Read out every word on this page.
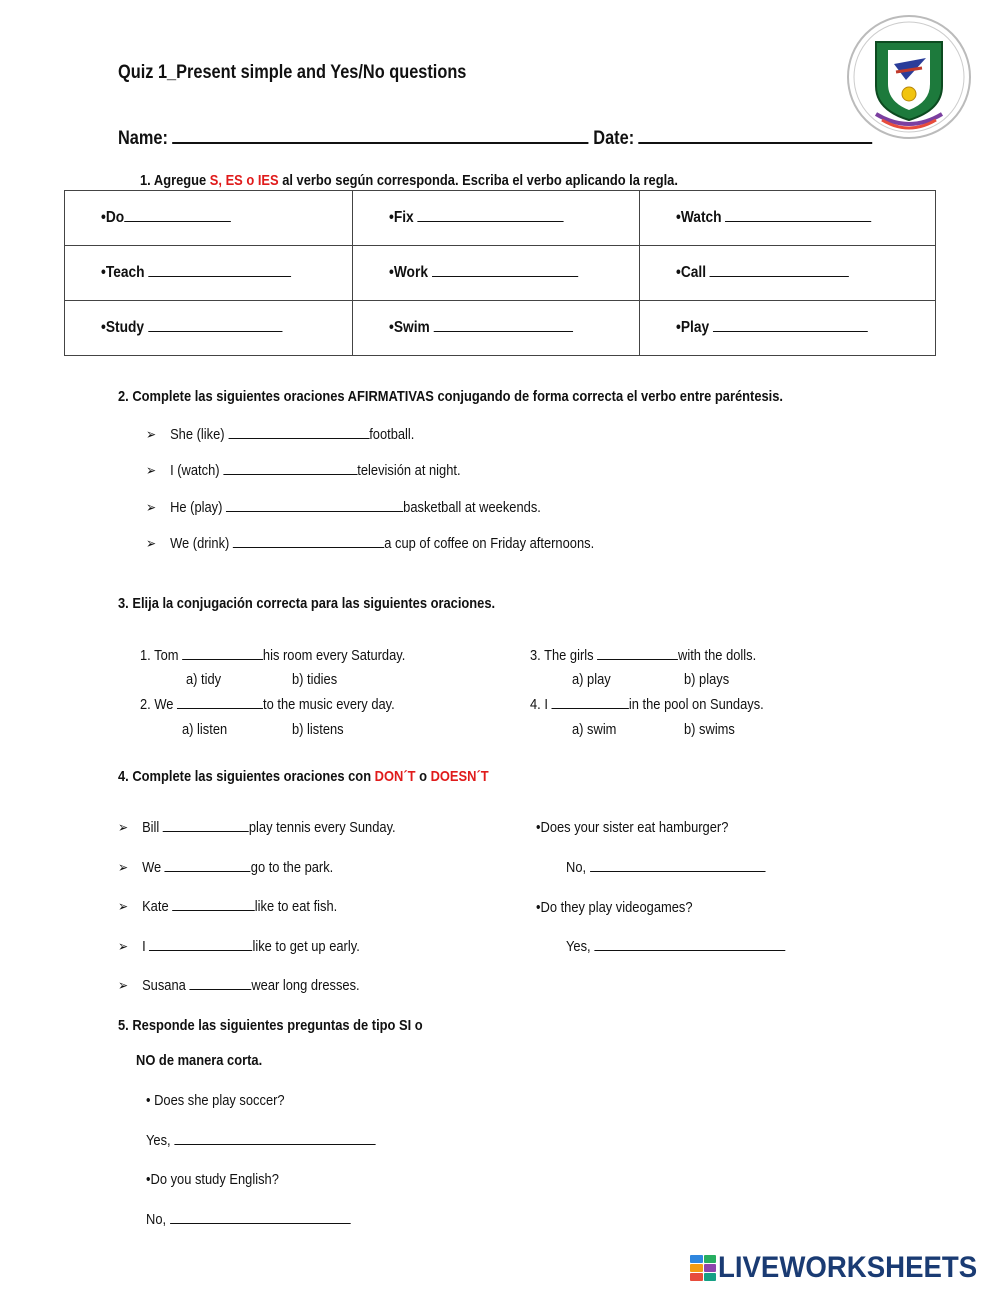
Quiz 1_Present simple and Yes/No questions
Name:	Date:
1. Agregue S, ES o IES al verbo según corresponda. Escriba el verbo aplicando la regla.
•Do	•Fix	•Watch
•Teach	•Work	•Call
•Study	•Swim	•Play
2. Complete las siguientes oraciones AFIRMATIVAS conjugando de forma correcta el verbo entre paréntesis.
➢ She (like)	football.
➢ I (watch)	televisión at night.
➢ He (play)	basketball at weekends.
➢ We (drink)	a cup of coffee on Friday afternoons.
3. Elija la conjugación correcta para las siguientes oraciones.
1. Tom	his room every Saturday.
a) tidy	b) tidies
2. We	to the music every day.
a) listen	b) listens
3. The girls	with the dolls.
a) play	b) plays
4. I	in the pool on Sundays.
a) swim	b) swims
4. Complete las siguientes oraciones con DON´T o DOESN´T
➢ Bill	play tennis every Sunday.
➢ We	go to the park.
➢ Kate	like to eat fish.
➢ I	like to get up early.
➢ Susana	wear long dresses.
•Does your sister eat hamburger?
No,
•Do they play videogames?
Yes,
5. Responde las siguientes preguntas de tipo SI o
NO de manera corta.
• Does she play soccer?
Yes,
•Do you study English?
No,
LIVEWORKSHEETS
